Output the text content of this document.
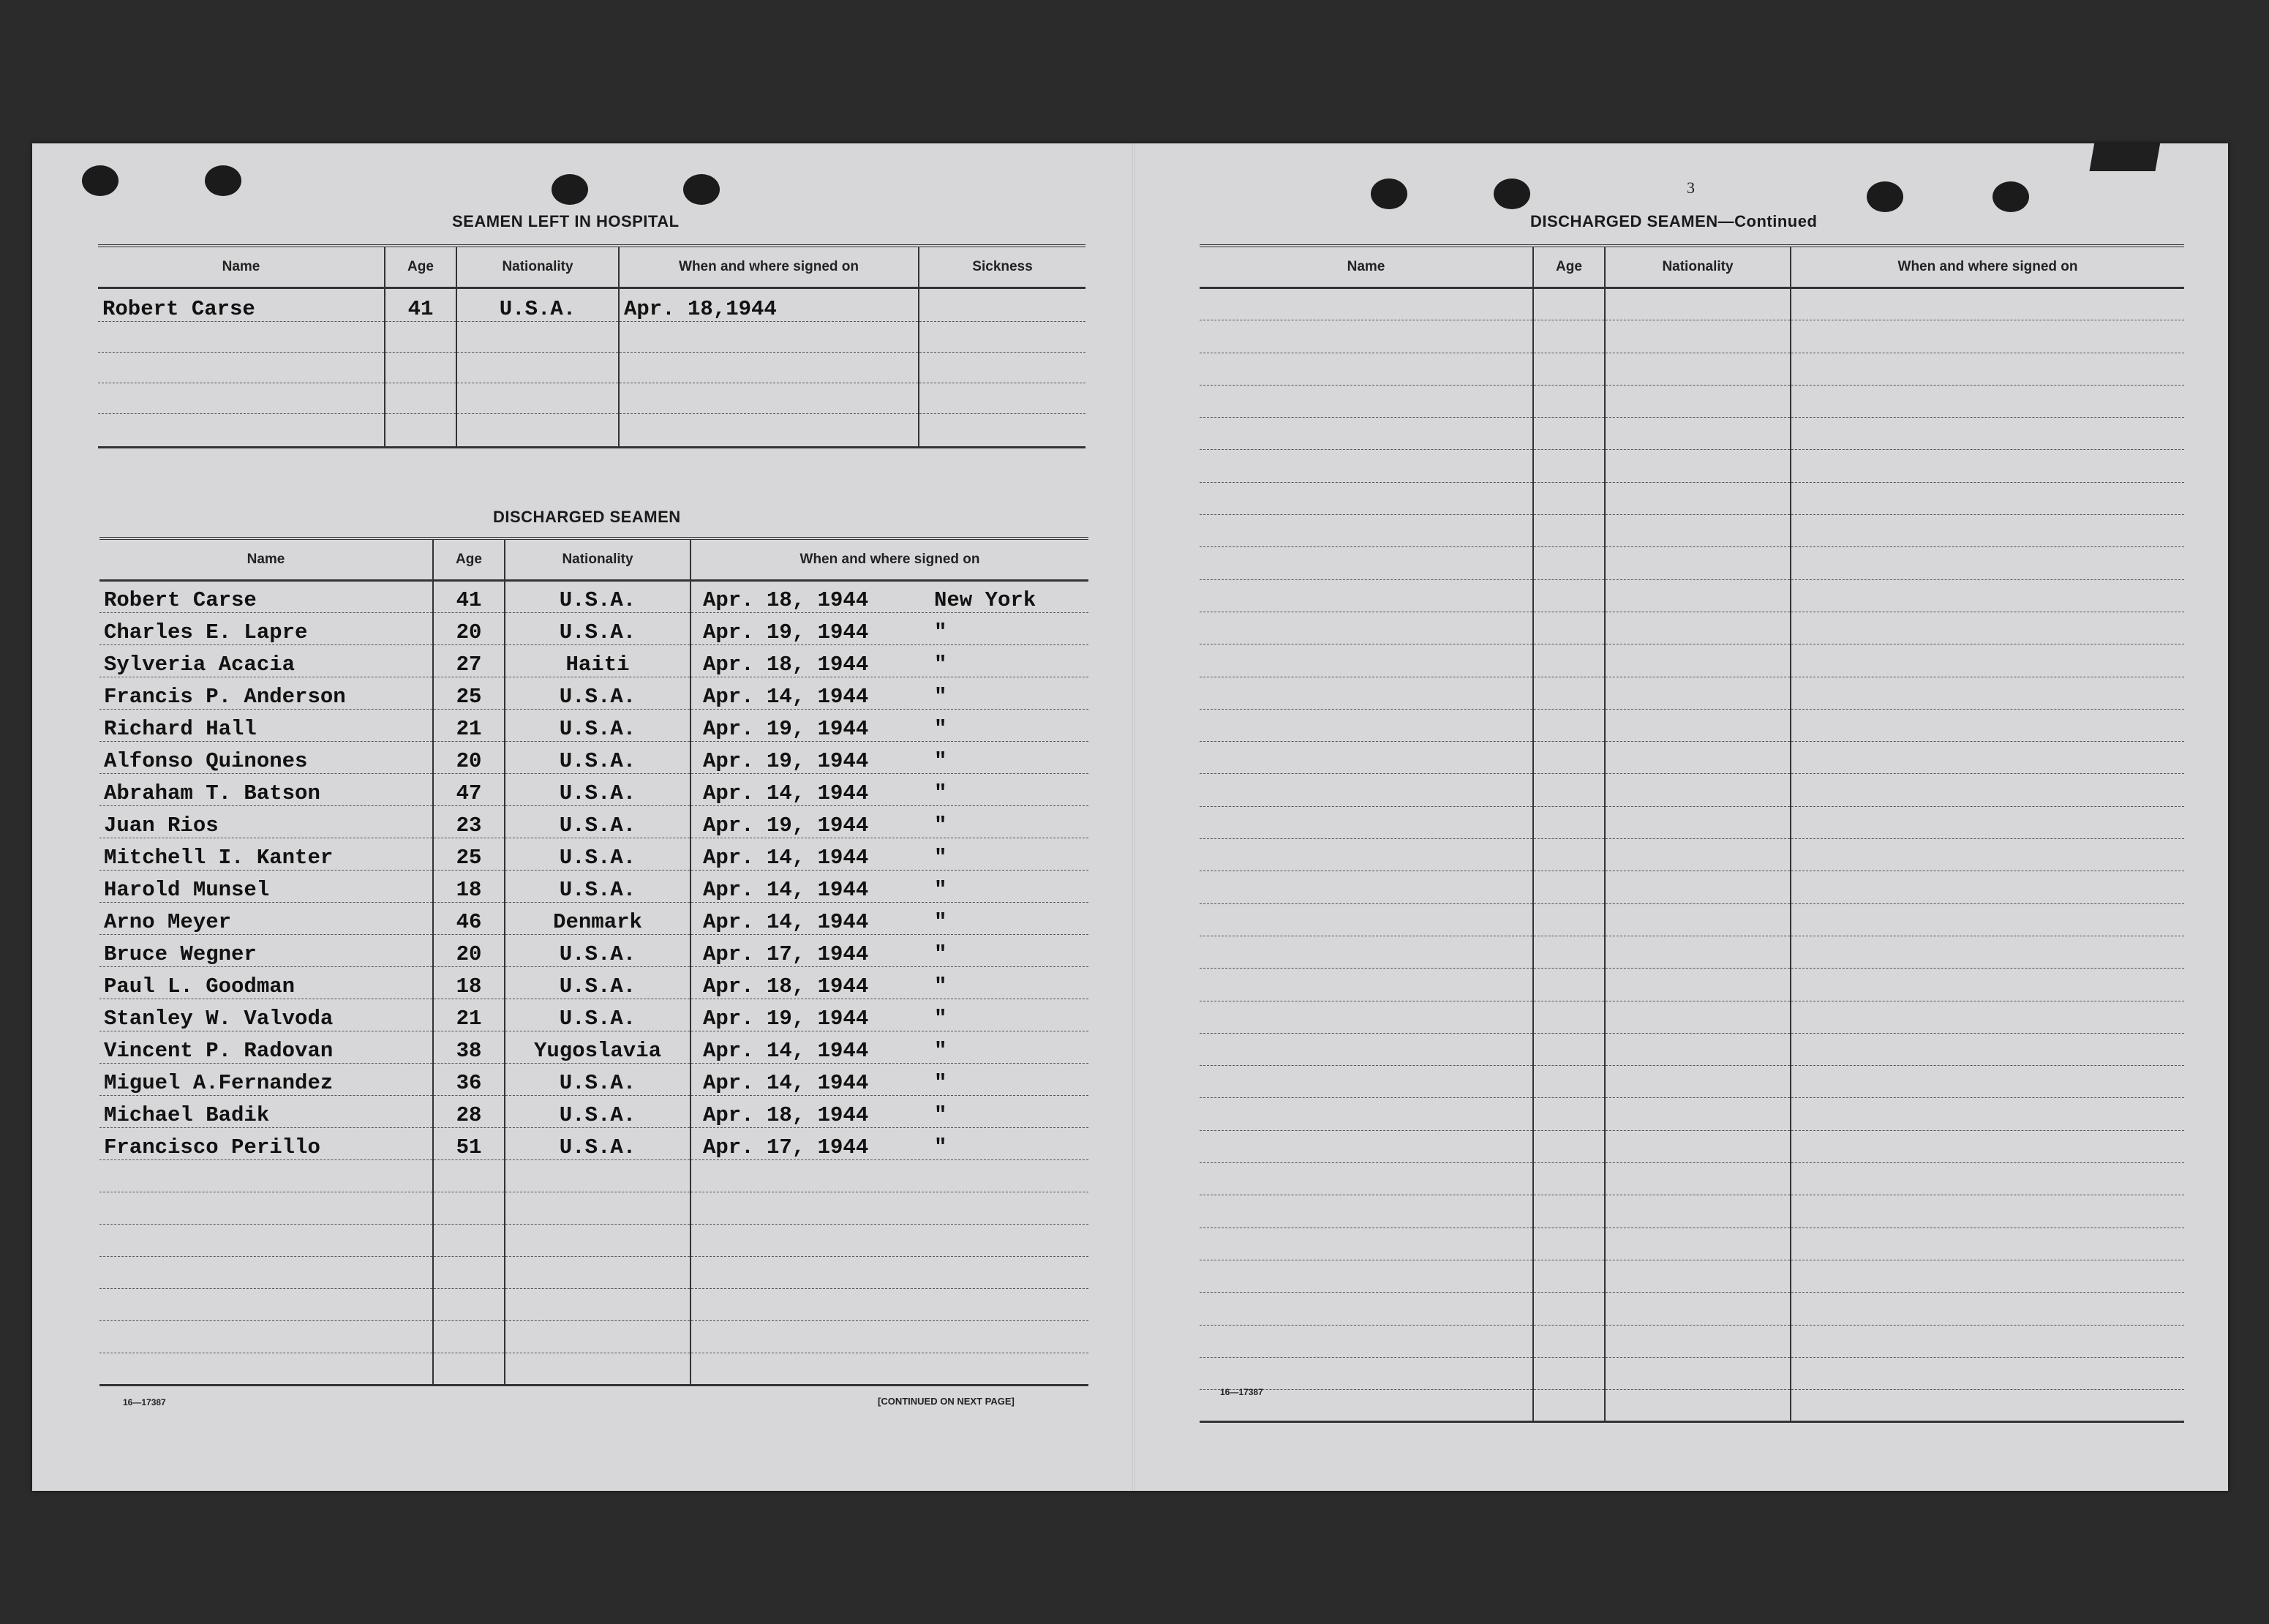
3
SEAMEN LEFT IN HOSPITAL
Name	Age	Nationality	When and where signed on	Sickness
Robert Carse	41	U.S.A.	Apr. 18,1944	

DISCHARGED SEAMEN
Name	Age	Nationality	When and where signed on
Robert Carse	41	U.S.A.	Apr. 18, 1944 New York
Charles E. Lapre	20	U.S.A.	Apr. 19, 1944 "
Sylveria Acacia	27	Haiti	Apr. 18, 1944 "
Francis P. Anderson	25	U.S.A.	Apr. 14, 1944 "
Richard Hall	21	U.S.A.	Apr. 19, 1944 "
Alfonso Quinones	20	U.S.A.	Apr. 19, 1944 "
Abraham T. Batson	47	U.S.A.	Apr. 14, 1944 "
Juan Rios	23	U.S.A.	Apr. 19, 1944 "
Mitchell I. Kanter	25	U.S.A.	Apr. 14, 1944 "
Harold Munsel	18	U.S.A.	Apr. 14, 1944 "
Arno Meyer	46	Denmark	Apr. 14, 1944 "
Bruce Wegner	20	U.S.A.	Apr. 17, 1944 "
Paul L. Goodman	18	U.S.A.	Apr. 18, 1944 "
Stanley W. Valvoda	21	U.S.A.	Apr. 19, 1944 "
Vincent P. Radovan	38	Yugoslavia	Apr. 14, 1944 "
Miguel A.Fernandez	36	U.S.A.	Apr. 14, 1944 "
Michael Badik	28	U.S.A.	Apr. 18, 1944 "
Francisco Perillo	51	U.S.A.	Apr. 17, 1944 "

16—17387	[CONTINUED ON NEXT PAGE]
DISCHARGED SEAMEN—Continued
Name	Age	Nationality	When and where signed on

16—17387
